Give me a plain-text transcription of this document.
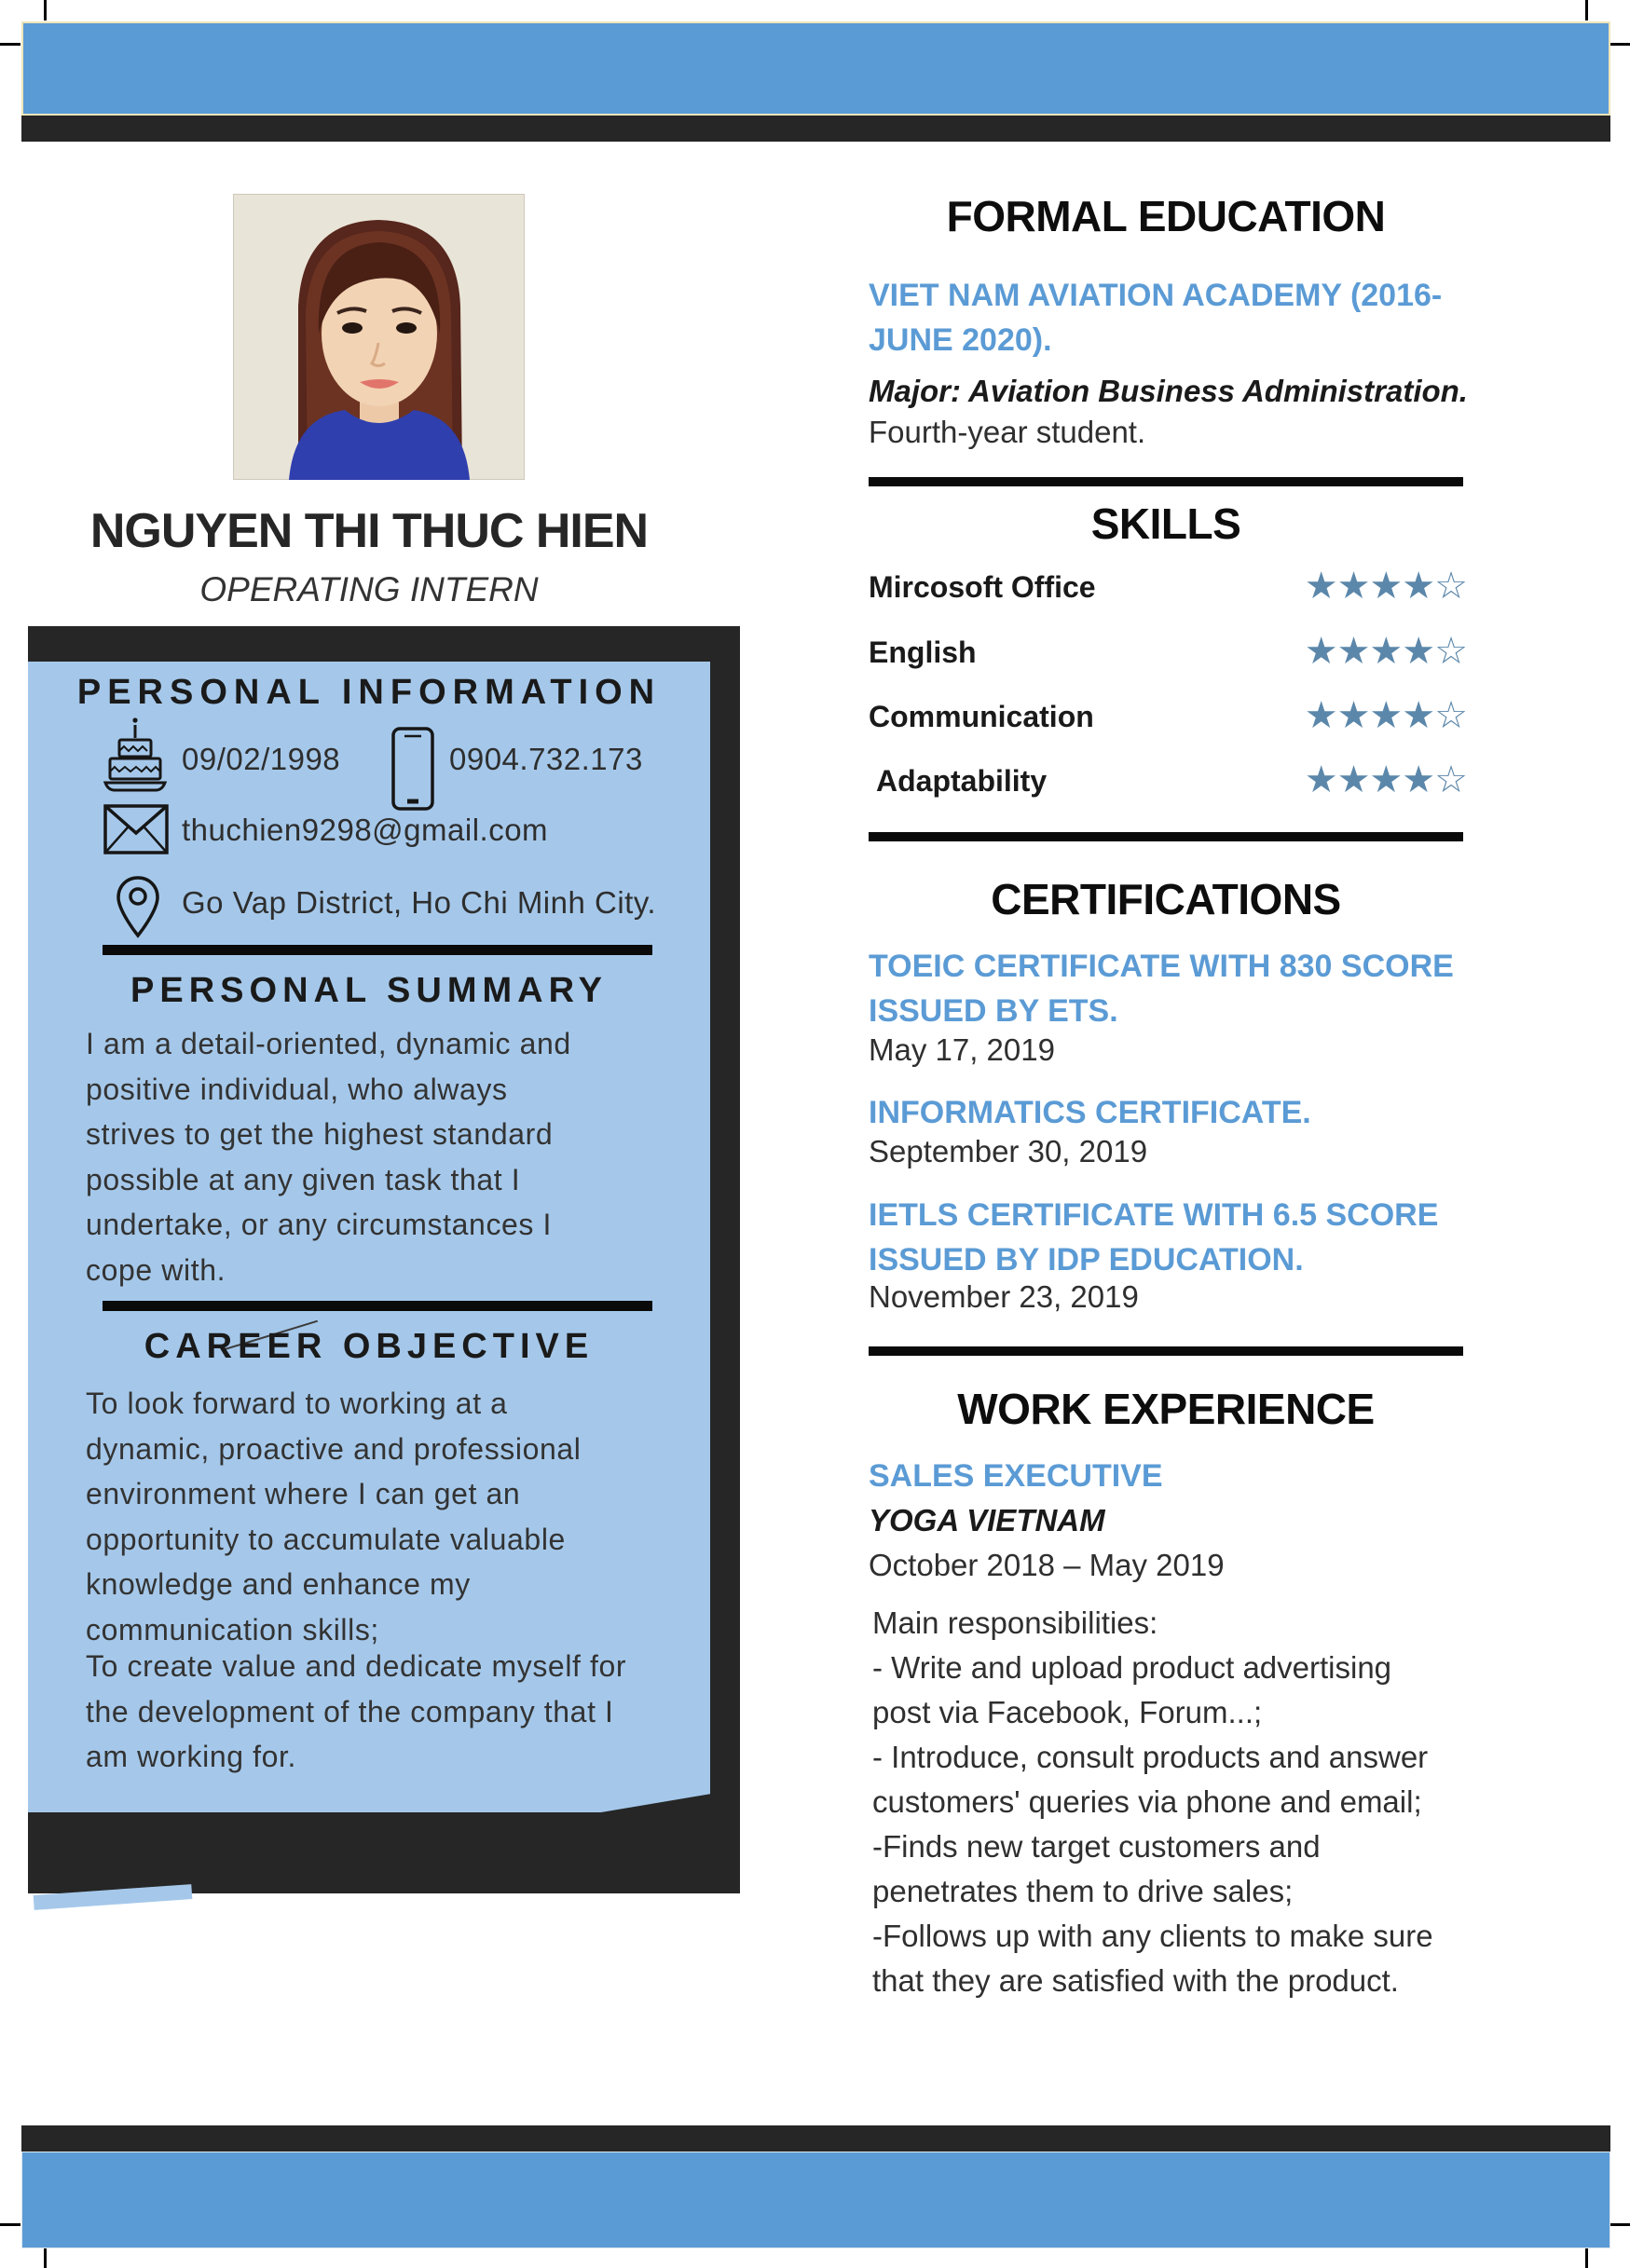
NGUYEN THI THUC HIEN
OPERATING INTERN
PERSONAL INFORMATION
09/02/1998	0904.732.173
thuchien9298@gmail.com
Go Vap District, Ho Chi Minh City.
PERSONAL SUMMARY
I am a detail-oriented, dynamic and
positive individual, who always
strives to get the highest standard
possible at any given task that I
undertake, or any circumstances I
cope with.
CAREER OBJECTIVE
To look forward to working at a
dynamic, proactive and professional
environment where I can get an
opportunity to accumulate valuable
knowledge and enhance my
communication skills;
To create value and dedicate myself for
the development of the company that I
am working for.
FORMAL EDUCATION
VIET NAM AVIATION ACADEMY (2016-
JUNE 2020).
Major: Aviation Business Administration.
Fourth-year student.
SKILLS
Mircosoft Office	★★★★☆
English	★★★★☆
Communication	★★★★☆
Adaptability	★★★★☆
CERTIFICATIONS
TOEIC CERTIFICATE WITH 830 SCORE
ISSUED BY ETS.
May 17, 2019
INFORMATICS CERTIFICATE.
September 30, 2019
IETLS CERTIFICATE WITH 6.5 SCORE
ISSUED BY IDP EDUCATION.
November 23, 2019
WORK EXPERIENCE
SALES EXECUTIVE
YOGA VIETNAM
October 2018 – May 2019
Main responsibilities:
- Write and upload product advertising
post via Facebook, Forum...;
- Introduce, consult products and answer
customers' queries via phone and email;
-Finds new target customers and
penetrates them to drive sales;
-Follows up with any clients to make sure
that they are satisfied with the product.
